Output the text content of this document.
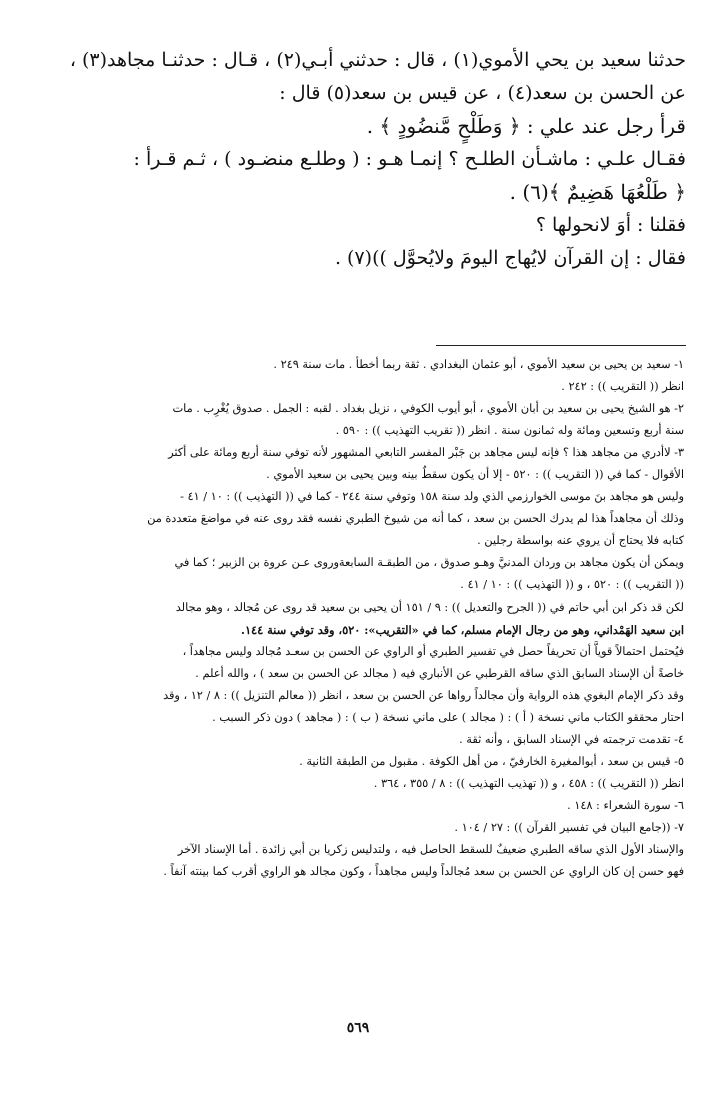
حدثنا سعيد بن يحي الأموي(١) ، قال : حدثني أبـي(٢) ، قـال : حدثنـا مجاهد(٣) ،

عن الحسن بن سعد(٤) ، عن قيس بن سعد(٥) قال :

قرأ رجل عند علي : ﴿ وَطَلْحٍ مَّنضُودٍ ﴾ .

فقـال علـي : ماشـأن الطلـح ؟ إنمـا هـو : ( وطلـع منضـود ) ، ثـم قـرأ :

﴿ طَلْعُهَا هَضِيمٌ ﴾(٦) .

فقلنا : أوَ لانحولها ؟

فقال : إن القرآن لايُهاج اليومَ ولايُحوَّل ))(٧) .

١- سعيد بن يحيى بن سعيد الأموي ، أبو عثمان البغدادي . ثقة ربما أخطأ . مات سنة ٢٤٩ .

انظر (( التقريب )) : ٢٤٢ .

٢- هو الشيخ يحيى بن سعيد بن أبان الأموي ، أبو أيوب الكوفي ، نزيل بغداد . لقبه : الجمل . صدوق يُغْرِب . مات

سنة أربع وتسعين ومائة وله ثمانون سنة . انظر (( تقريب التهذيب )) : ٥٩٠ .

٣- لاأدري من مجاهد هذا ؟ فإنه ليس مجاهد بن جَبْر المفسر التابعي المشهور لأنه توفي سنة أربع ومائة على أكثر

الأقوال - كما في (( التقريب )) : ٥٢٠ - إلا أن يكون سقطٌ بينه وبين يحيى بن سعيد الأموي .

وليس هو مجاهد بنَ موسى الخوارزمي الذي ولد سنة ١٥٨ وتوفي سنة ٢٤٤ - كما في (( التهذيب )) : ١٠ / ٤١ -

وذلك أن مجاهداً هذا لم يدرك الحسن بن سعد ، كما أنه من شيوخ الطبري نفسه فقد روى عنه في مواضعَ متعددة من

كتابه فلا يحتاج أن يروي عنه بواسطة رجلين .

ويمكن أن يكون مجاهد بن وردان المدنيَّ وهـو صدوق ، من الطبقـة السابعةوروى عـن عروة بن الزبير ؛ كما في

(( التقريب )) : ٥٢٠ ، و (( التهذيب )) : ١٠ / ٤١ .

لكن قد ذكر ابن أبي حاتم في (( الجرح والتعديل )) : ٩ / ١٥١ أن يحيى بن سعيد قد روى عن مُجالد ، وهو مجالد

ابن سعيد الهَمْداني، وهو من رجال الإمام مسلم، كما في «التقريب»: ٥٢٠، وقد توفي سنة ١٤٤.

فيُحتمل احتمالاً قوياًّ أن تحريفاً حصل في تفسير الطبري أو الراوي عن الحسن بن سعـد مُجالد وليس مجاهداً ،

خاصةً أن الإسناد السابق الذي ساقه القرطبي عن الأنباري فيه ( مجالد عن الحسن بن سعد ) ، والله أعلم .

وقد ذكر الإمام البغوي هذه الرواية وأن مجالداً رواها عن الحسن بن سعد ، انظر (( معالم التنزيل )) : ٨ / ١٢ ، وقد

احتار محققو الكتاب ماني نسخة ( أ ) : ( مجالد ) على ماني نسخة ( ب ) : ( مجاهد ) دون ذكر السبب .

٤- تقدمت ترجمته في الإسناد السابق ، وأنه ثقة .

٥- قيس بن سعد ، أبوالمغيرة الخارفيّ ، من أهل الكوفة . مقبول من الطبقة الثانية .

انظر (( التقريب )) : ٤٥٨ ، و (( تهذيب التهذيب )) : ٨ / ٣٥٥ ، ٣٦٤ .

٦- سورة الشعراء : ١٤٨ .

٧- ((جامع البيان في تفسير القرآن )) : ٢٧ / ١٠٤ .

والإسناد الأول الذي ساقه الطبري ضعيفٌ للسقط الحاصل فيه ، ولتدليس زكريا بن أبي زائدة . أما الإسناد الآخر

فهو حسن إن كان الراوي عن الحسن بن سعد مُجالداً وليس مجاهداً ، وكون مجالد هو الراوي أقرب كما بينته آنفاً .

٥٦٩
